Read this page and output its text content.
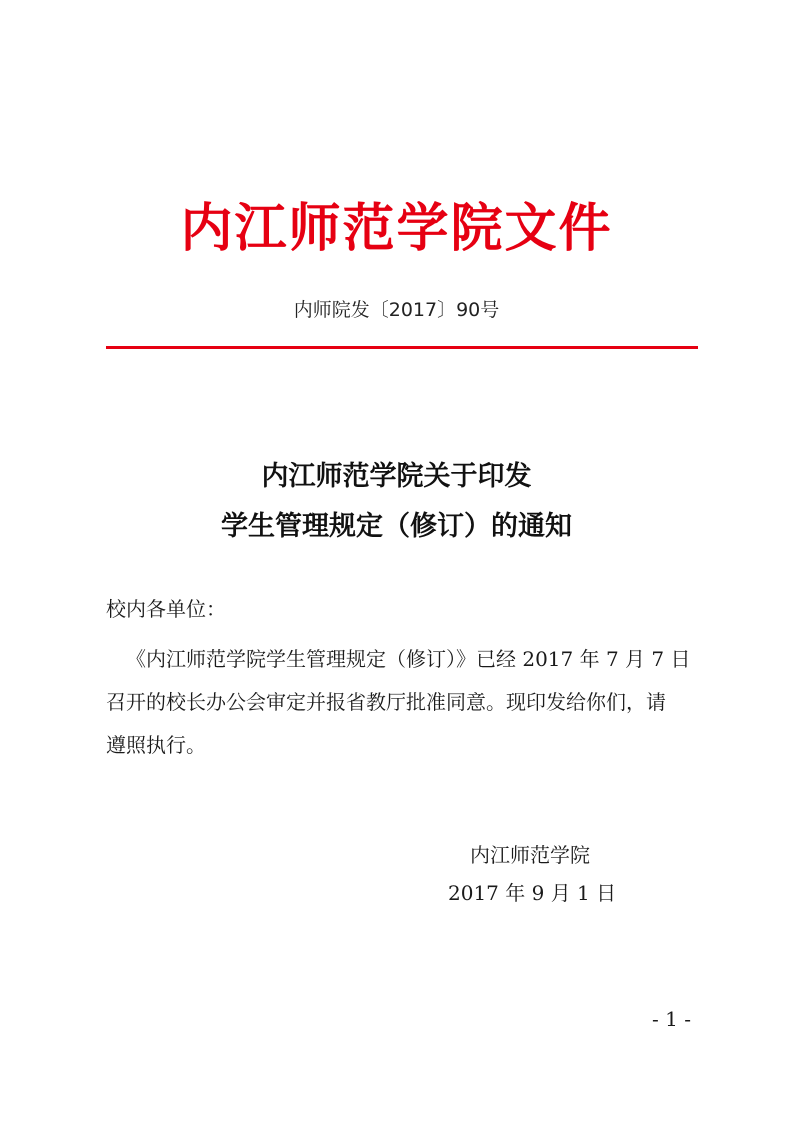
内江师范学院文件
内师院发〔2017〕90号
内江师范学院关于印发
学生管理规定（修订）的通知
校内各单位：
《内江师范学院学生管理规定（修订）》已经 2017 年 7 月 7 日
召开的校长办公会审定并报省教厅批准同意。现印发给你们，请
遵照执行。
内江师范学院
2017 年 9 月 1 日
- 1 -
